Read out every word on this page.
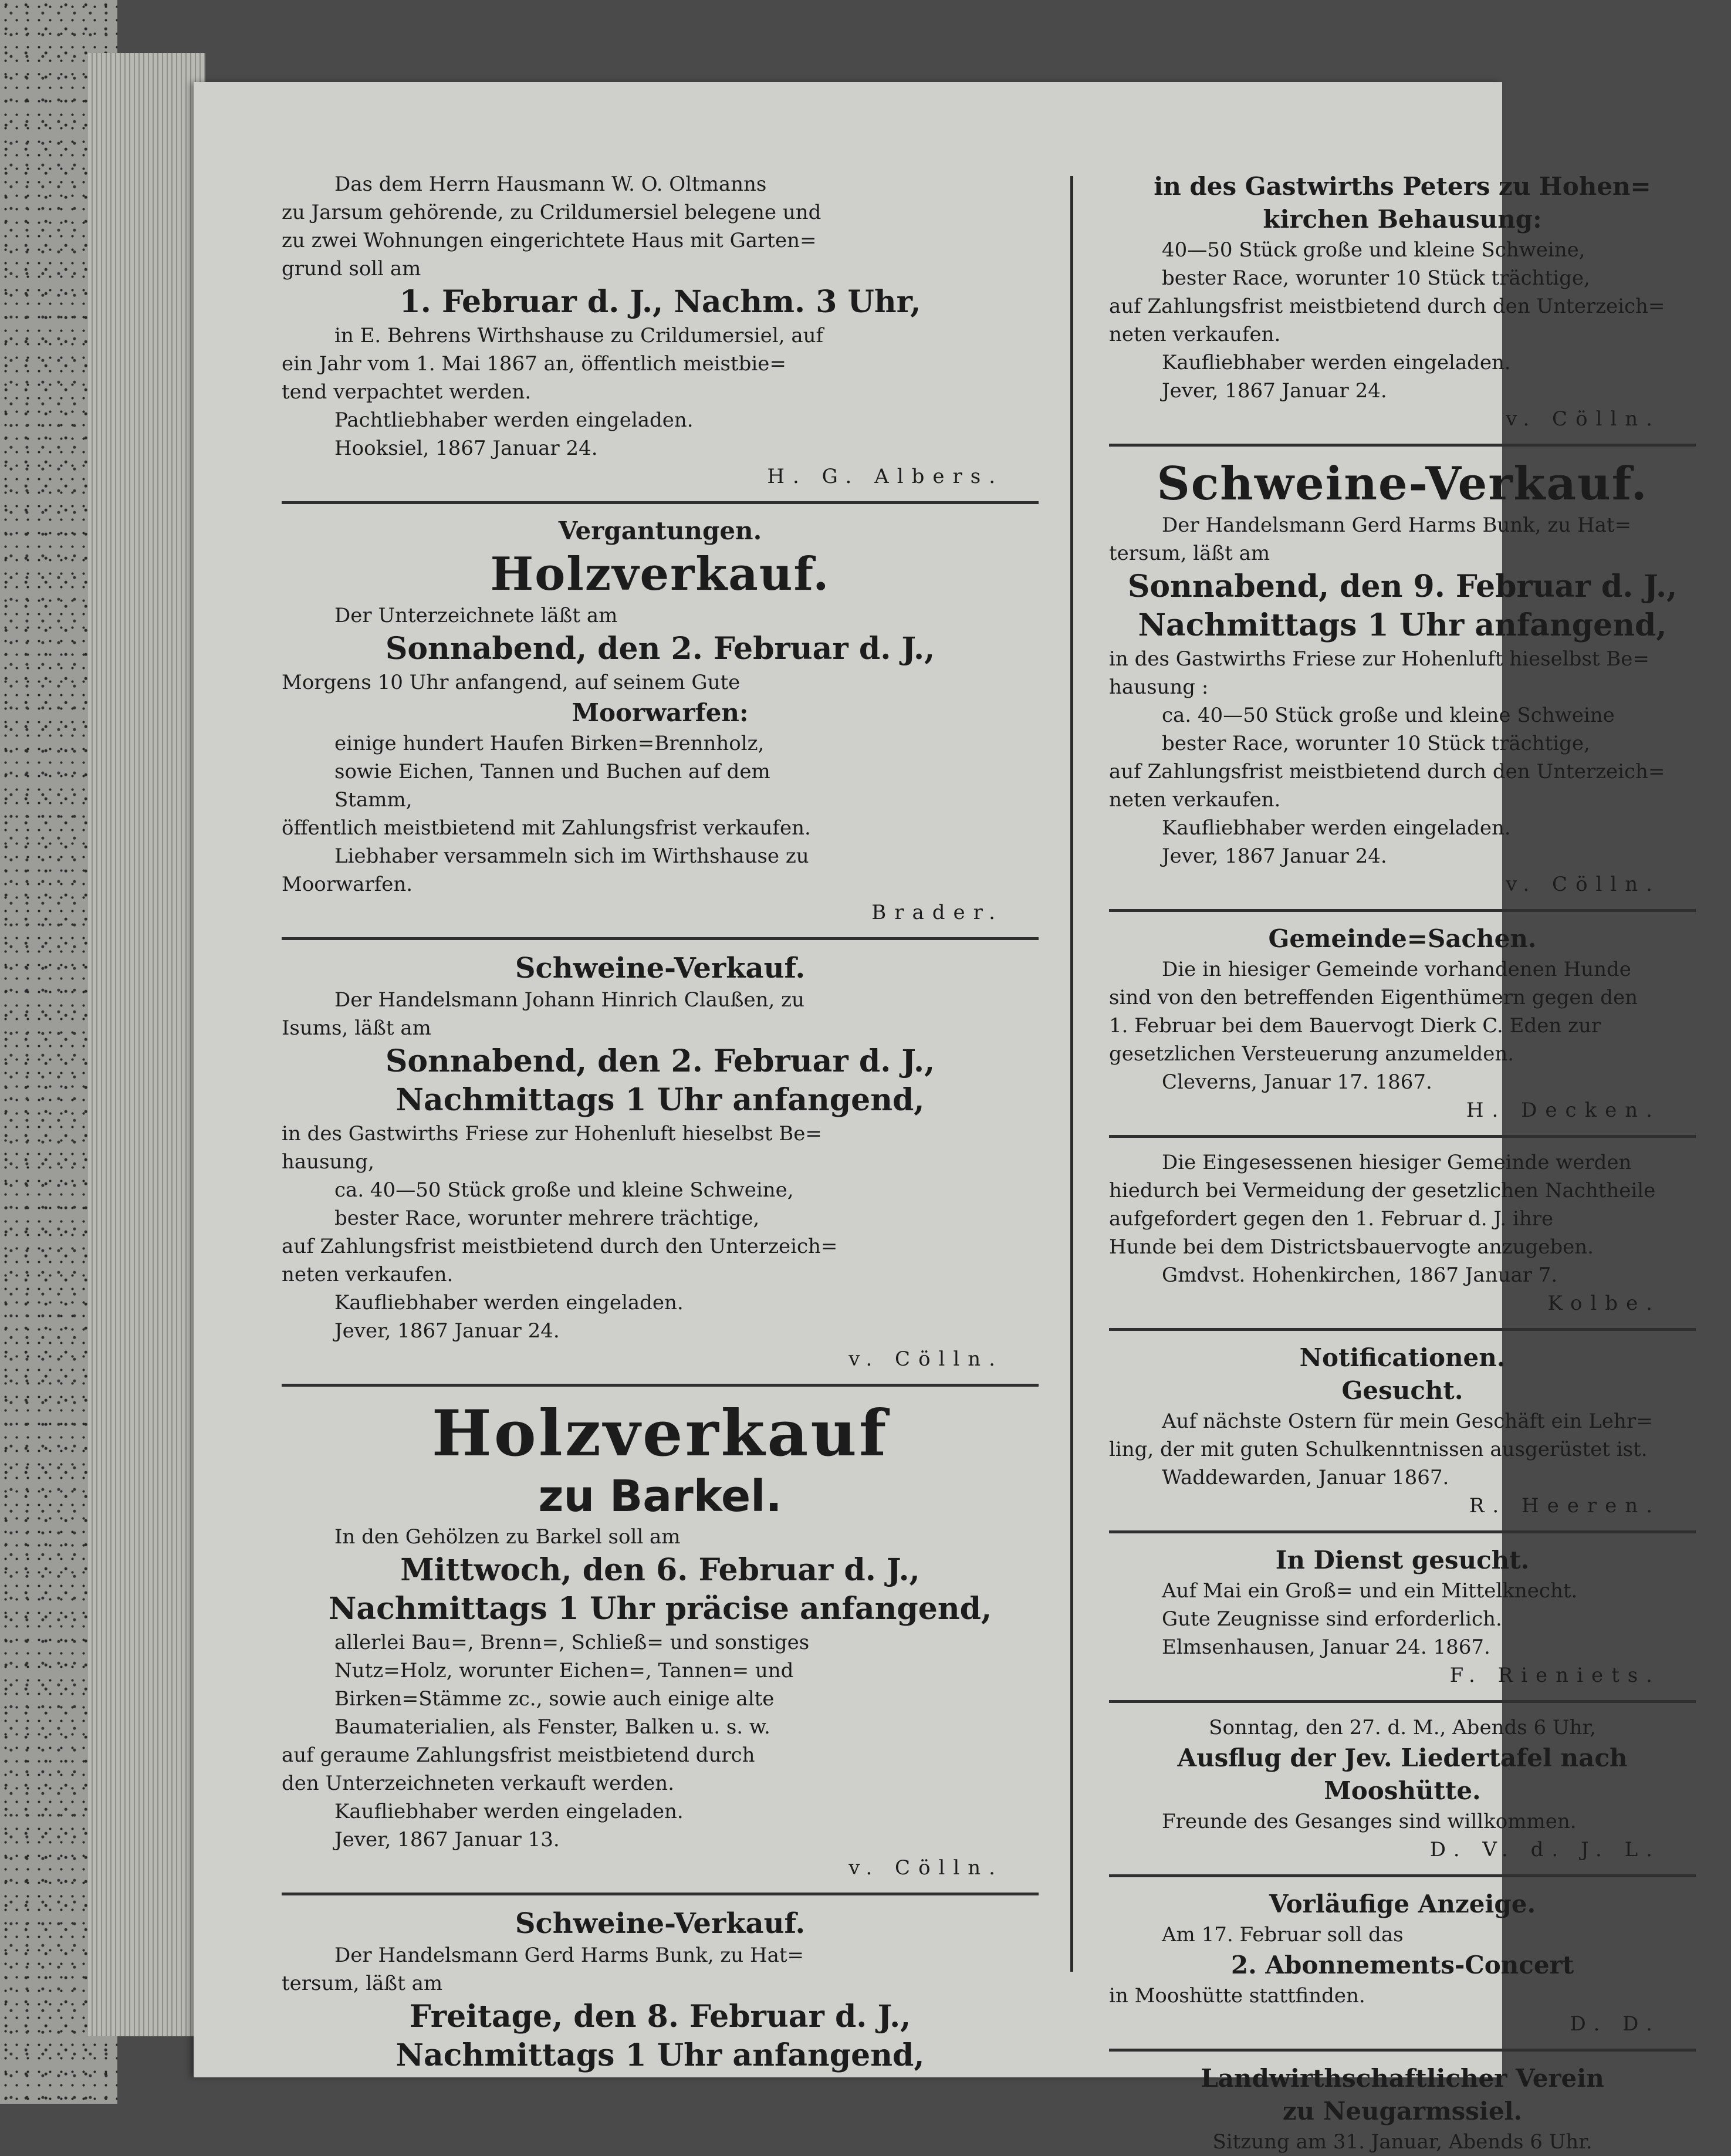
Das dem Herrn Hausmann W. O. Oltmanns
zu Jarsum gehörende, zu Crildumersiel belegene und
zu zwei Wohnungen eingerichtete Haus mit Garten=
grund soll am
1. Februar d. J., Nachm. 3 Uhr,
in E. Behrens Wirthshause zu Crildumersiel, auf
ein Jahr vom 1. Mai 1867 an, öffentlich meistbie=
tend verpachtet werden.
Pachtliebhaber werden eingeladen.
Hooksiel, 1867 Januar 24.
H. G. Albers.
Vergantungen.
Holzverkauf.
Der Unterzeichnete läßt am
Sonnabend, den 2. Februar d. J.,
Morgens 10 Uhr anfangend, auf seinem Gute
Moorwarfen:
einige hundert Haufen Birken=Brennholz,
sowie Eichen, Tannen und Buchen auf dem
Stamm,
öffentlich meistbietend mit Zahlungsfrist verkaufen.
Liebhaber versammeln sich im Wirthshause zu
Moorwarfen.
Brader.
Schweine-Verkauf.
Der Handelsmann Johann Hinrich Claußen, zu
Isums, läßt am
Sonnabend, den 2. Februar d. J.,
Nachmittags 1 Uhr anfangend,
in des Gastwirths Friese zur Hohenluft hieselbst Be=
hausung,
ca. 40—50 Stück große und kleine Schweine,
bester Race, worunter mehrere trächtige,
auf Zahlungsfrist meistbietend durch den Unterzeich=
neten verkaufen.
Kaufliebhaber werden eingeladen.
Jever, 1867 Januar 24.
v. Cölln.
Holzverkauf
zu Barkel.
In den Gehölzen zu Barkel soll am
Mittwoch, den 6. Februar d. J.,
Nachmittags 1 Uhr präcise anfangend,
allerlei Bau=, Brenn=, Schließ= und sonstiges
Nutz=Holz, worunter Eichen=, Tannen= und
Birken=Stämme zc., sowie auch einige alte
Baumaterialien, als Fenster, Balken u. s. w.
auf geraume Zahlungsfrist meistbietend durch
den Unterzeichneten verkauft werden.
Kaufliebhaber werden eingeladen.
Jever, 1867 Januar 13.
v. Cölln.
Schweine-Verkauf.
Der Handelsmann Gerd Harms Bunk, zu Hat=
tersum, läßt am
Freitage, den 8. Februar d. J.,
Nachmittags 1 Uhr anfangend,
in des Gastwirths Peters zu Hohen=
kirchen Behausung:
40—50 Stück große und kleine Schweine,
bester Race, worunter 10 Stück trächtige,
auf Zahlungsfrist meistbietend durch den Unterzeich=
neten verkaufen.
Kaufliebhaber werden eingeladen.
Jever, 1867 Januar 24.
v. Cölln.
Schweine-Verkauf.
Der Handelsmann Gerd Harms Bunk, zu Hat=
tersum, läßt am
Sonnabend, den 9. Februar d. J.,
Nachmittags 1 Uhr anfangend,
in des Gastwirths Friese zur Hohenluft hieselbst Be=
hausung :
ca. 40—50 Stück große und kleine Schweine
bester Race, worunter 10 Stück trächtige,
auf Zahlungsfrist meistbietend durch den Unterzeich=
neten verkaufen.
Kaufliebhaber werden eingeladen.
Jever, 1867 Januar 24.
v. Cölln.
Gemeinde=Sachen.
Die in hiesiger Gemeinde vorhandenen Hunde
sind von den betreffenden Eigenthümern gegen den
1. Februar bei dem Bauervogt Dierk C. Eden zur
gesetzlichen Versteuerung anzumelden.
Cleverns, Januar 17. 1867.
H. Decken.
Die Eingesessenen hiesiger Gemeinde werden
hiedurch bei Vermeidung der gesetzlichen Nachtheile
aufgefordert gegen den 1. Februar d. J. ihre
Hunde bei dem Districtsbauervogte anzugeben.
Gmdvst. Hohenkirchen, 1867 Januar 7.
Kolbe.
Notificationen.
Gesucht.
Auf nächste Ostern für mein Geschäft ein Lehr=
ling, der mit guten Schulkenntnissen ausgerüstet ist.
Waddewarden, Januar 1867.
R. Heeren.
In Dienst gesucht.
Auf Mai ein Groß= und ein Mittelknecht.
Gute Zeugnisse sind erforderlich.
Elmsenhausen, Januar 24. 1867.
F. Rieniets.
Sonntag, den 27. d. M., Abends 6 Uhr,
Ausflug der Jev. Liedertafel nach
Mooshütte.
Freunde des Gesanges sind willkommen.
D. V. d. J. L.
Vorläufige Anzeige.
Am 17. Februar soll das
2. Abonnements-Concert
in Mooshütte stattfinden.
D. D.
Landwirthschaftlicher Verein
zu Neugarmssiel.
Sitzung am 31. Januar, Abends 6 Uhr.
